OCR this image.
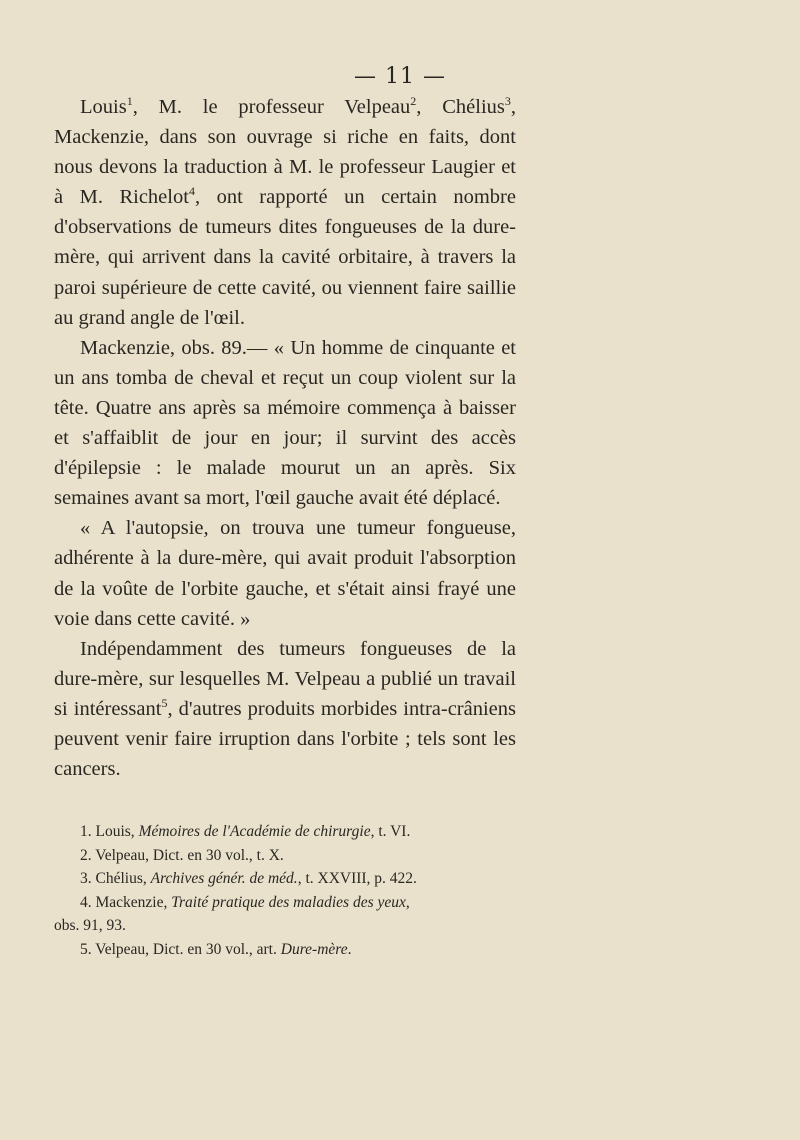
— 11 —

Louis$^1$, M. le professeur Velpeau$^2$, Chélius$^3$, Mackenzie, dans son ouvrage si riche en faits, dont nous devons la traduction à M. le professeur Laugier et à M. Richelot$^4$, ont rapporté un certain nombre d'observations de tumeurs dites fongueuses de la dure-mère, qui arrivent dans la cavité orbitaire, à travers la paroi supérieure de cette cavité, ou viennent faire saillie au grand angle de l'œil.

Mackenzie, obs. 89.— « Un homme de cinquante et un ans tomba de cheval et reçut un coup violent sur la tête. Quatre ans après sa mémoire commença à baisser et s'affaiblit de jour en jour; il survint des accès d'épilepsie : le malade mourut un an après. Six semaines avant sa mort, l'œil gauche avait été déplacé.

« A l'autopsie, on trouva une tumeur fongueuse, adhérente à la dure-mère, qui avait produit l'absorption de la voûte de l'orbite gauche, et s'était ainsi frayé une voie dans cette cavité. »

Indépendamment des tumeurs fongueuses de la dure-mère, sur lesquelles M. Velpeau a publié un travail si intéressant$^5$, d'autres produits morbides intra-crâniens peuvent venir faire irruption dans l'orbite ; tels sont les cancers.

1. Louis, Mémoires de l'Académie de chirurgie, t. VI.
2. Velpeau, Dict. en 30 vol., t. X.
3. Chélius, Archives génér. de méd., t. XXVIII, p. 422.
4. Mackenzie, Traité pratique des maladies des yeux,
obs. 91, 93.
5. Velpeau, Dict. en 30 vol., art. Dure-mère.
